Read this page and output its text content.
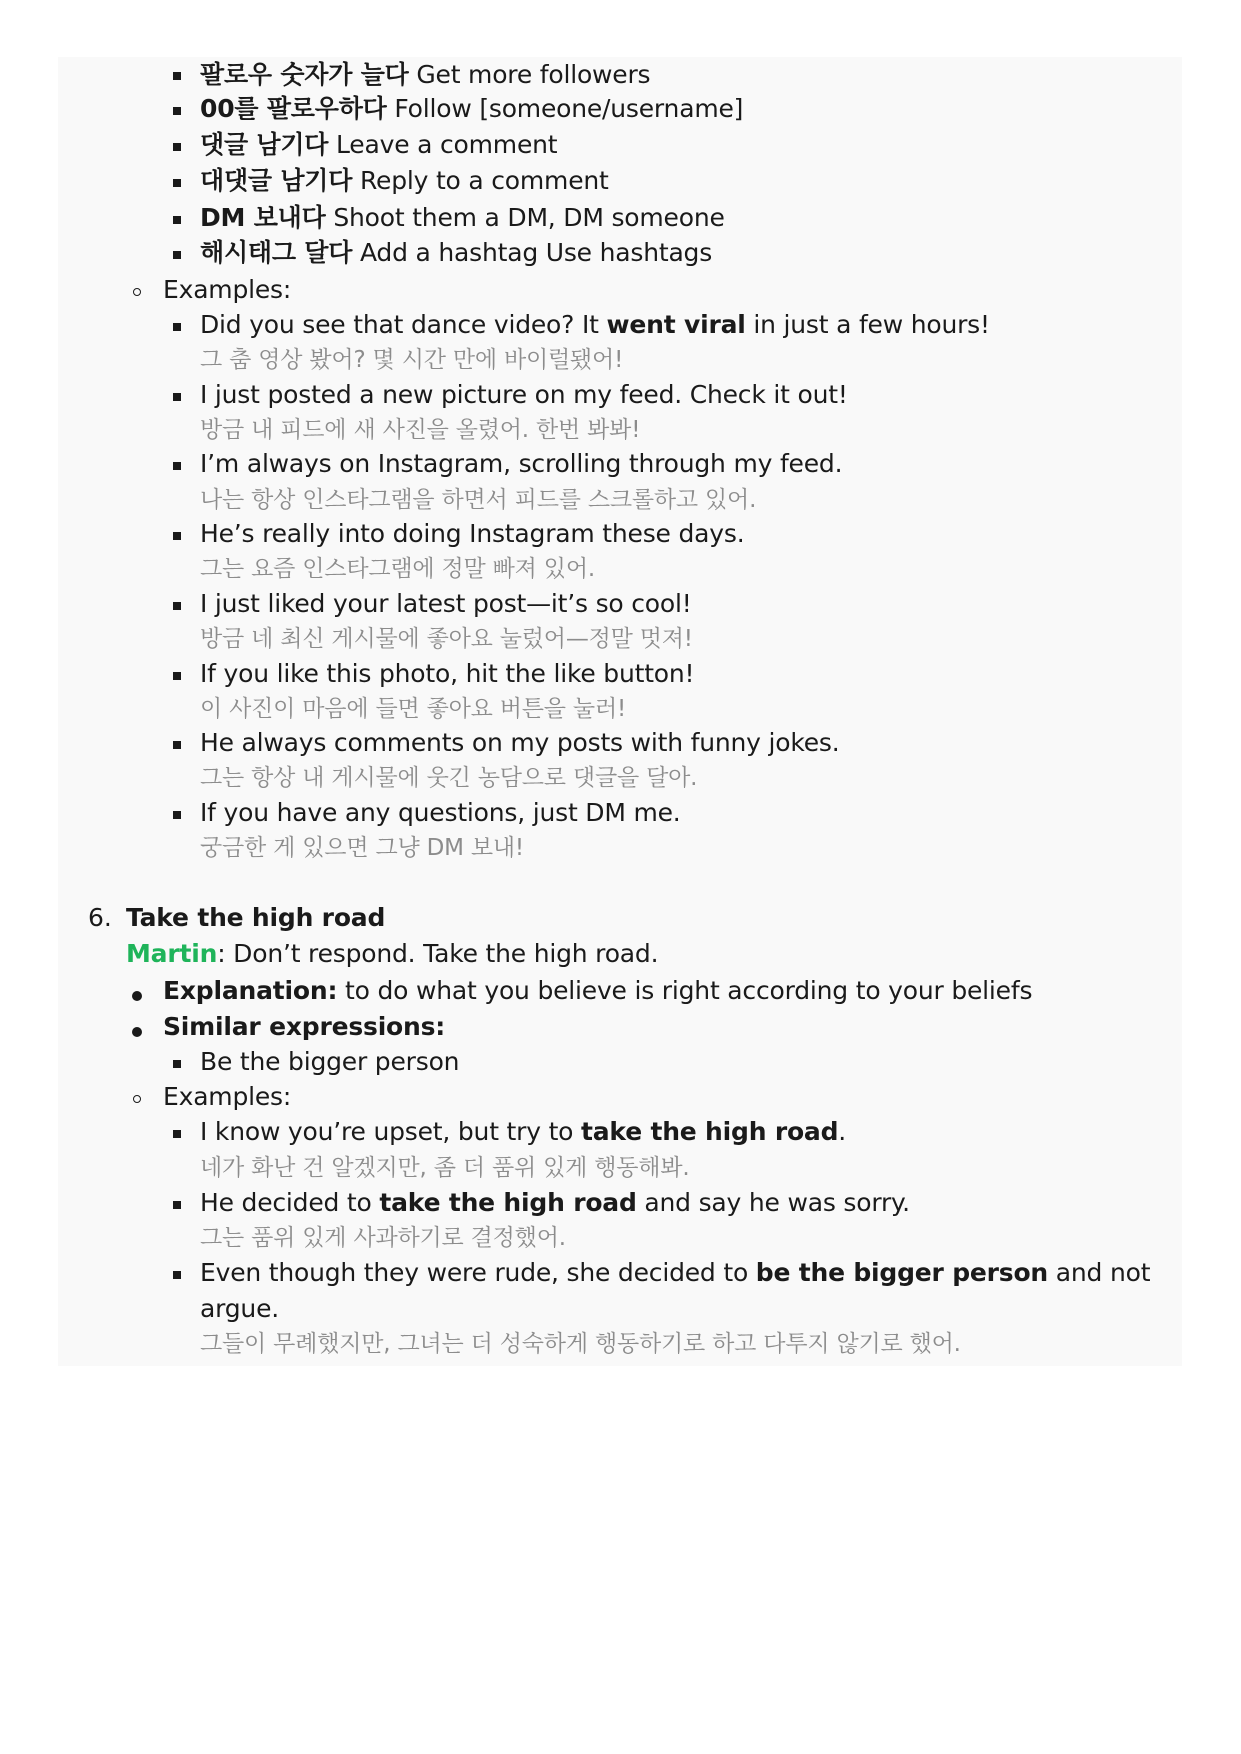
팔로우 숫자가 늘다 Get more followers
00를 팔로우하다 Follow [someone/username]
댓글 남기다 Leave a comment
대댓글 남기다 Reply to a comment
DM 보내다 Shoot them a DM, DM someone
해시태그 달다 Add a hashtag Use hashtags
Examples:
Did you see that dance video? It went viral in just a few hours!
그 춤 영상 봤어? 몇 시간 만에 바이럴됐어!
I just posted a new picture on my feed. Check it out!
방금 내 피드에 새 사진을 올렸어. 한번 봐봐!
I’m always on Instagram, scrolling through my feed.
나는 항상 인스타그램을 하면서 피드를 스크롤하고 있어.
He’s really into doing Instagram these days.
그는 요즘 인스타그램에 정말 빠져 있어.
I just liked your latest post—it’s so cool!
방금 네 최신 게시물에 좋아요 눌렀어—정말 멋져!
If you like this photo, hit the like button!
이 사진이 마음에 들면 좋아요 버튼을 눌러!
He always comments on my posts with funny jokes.
그는 항상 내 게시물에 웃긴 농담으로 댓글을 달아.
If you have any questions, just DM me.
궁금한 게 있으면 그냥 DM 보내!
6. Take the high road
Martin: Don’t respond. Take the high road.
Explanation: to do what you believe is right according to your beliefs
Similar expressions:
Be the bigger person
Examples:
I know you’re upset, but try to take the high road.
네가 화난 건 알겠지만, 좀 더 품위 있게 행동해봐.
He decided to take the high road and say he was sorry.
그는 품위 있게 사과하기로 결정했어.
Even though they were rude, she decided to be the bigger person and not
argue.
그들이 무례했지만, 그녀는 더 성숙하게 행동하기로 하고 다투지 않기로 했어.
